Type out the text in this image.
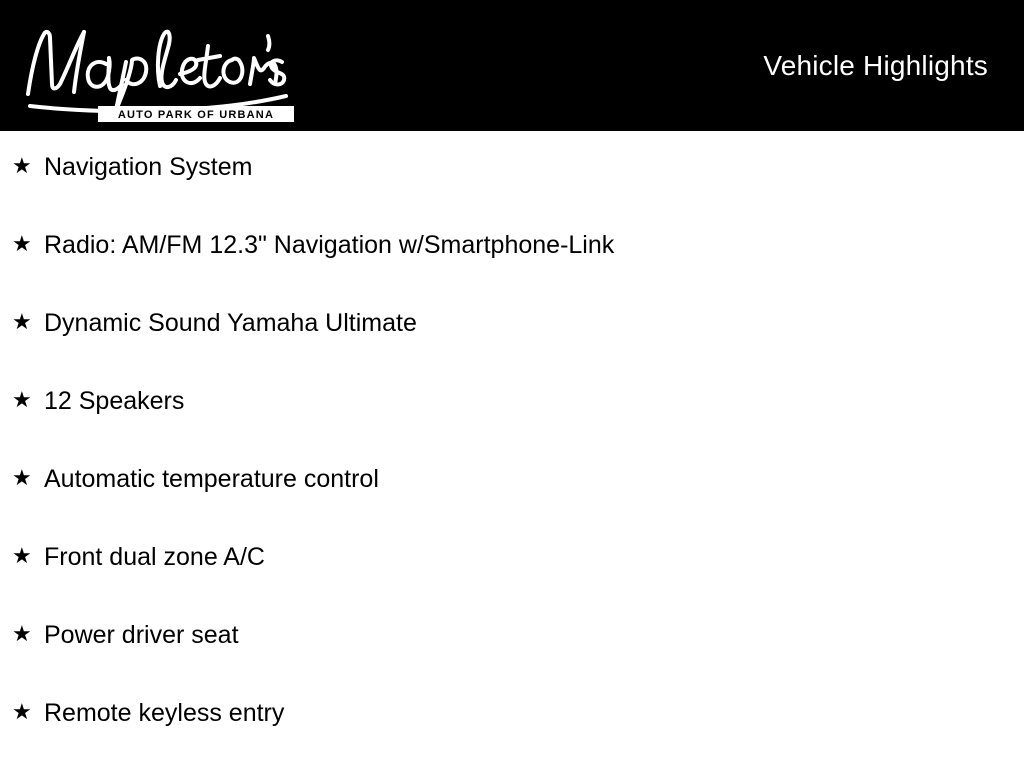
AUTO PARK OF URBANA
Vehicle Highlights
★ Navigation System
★ Radio: AM/FM 12.3" Navigation w/Smartphone-Link
★ Dynamic Sound Yamaha Ultimate
★ 12 Speakers
★ Automatic temperature control
★ Front dual zone A/C
★ Power driver seat
★ Remote keyless entry
